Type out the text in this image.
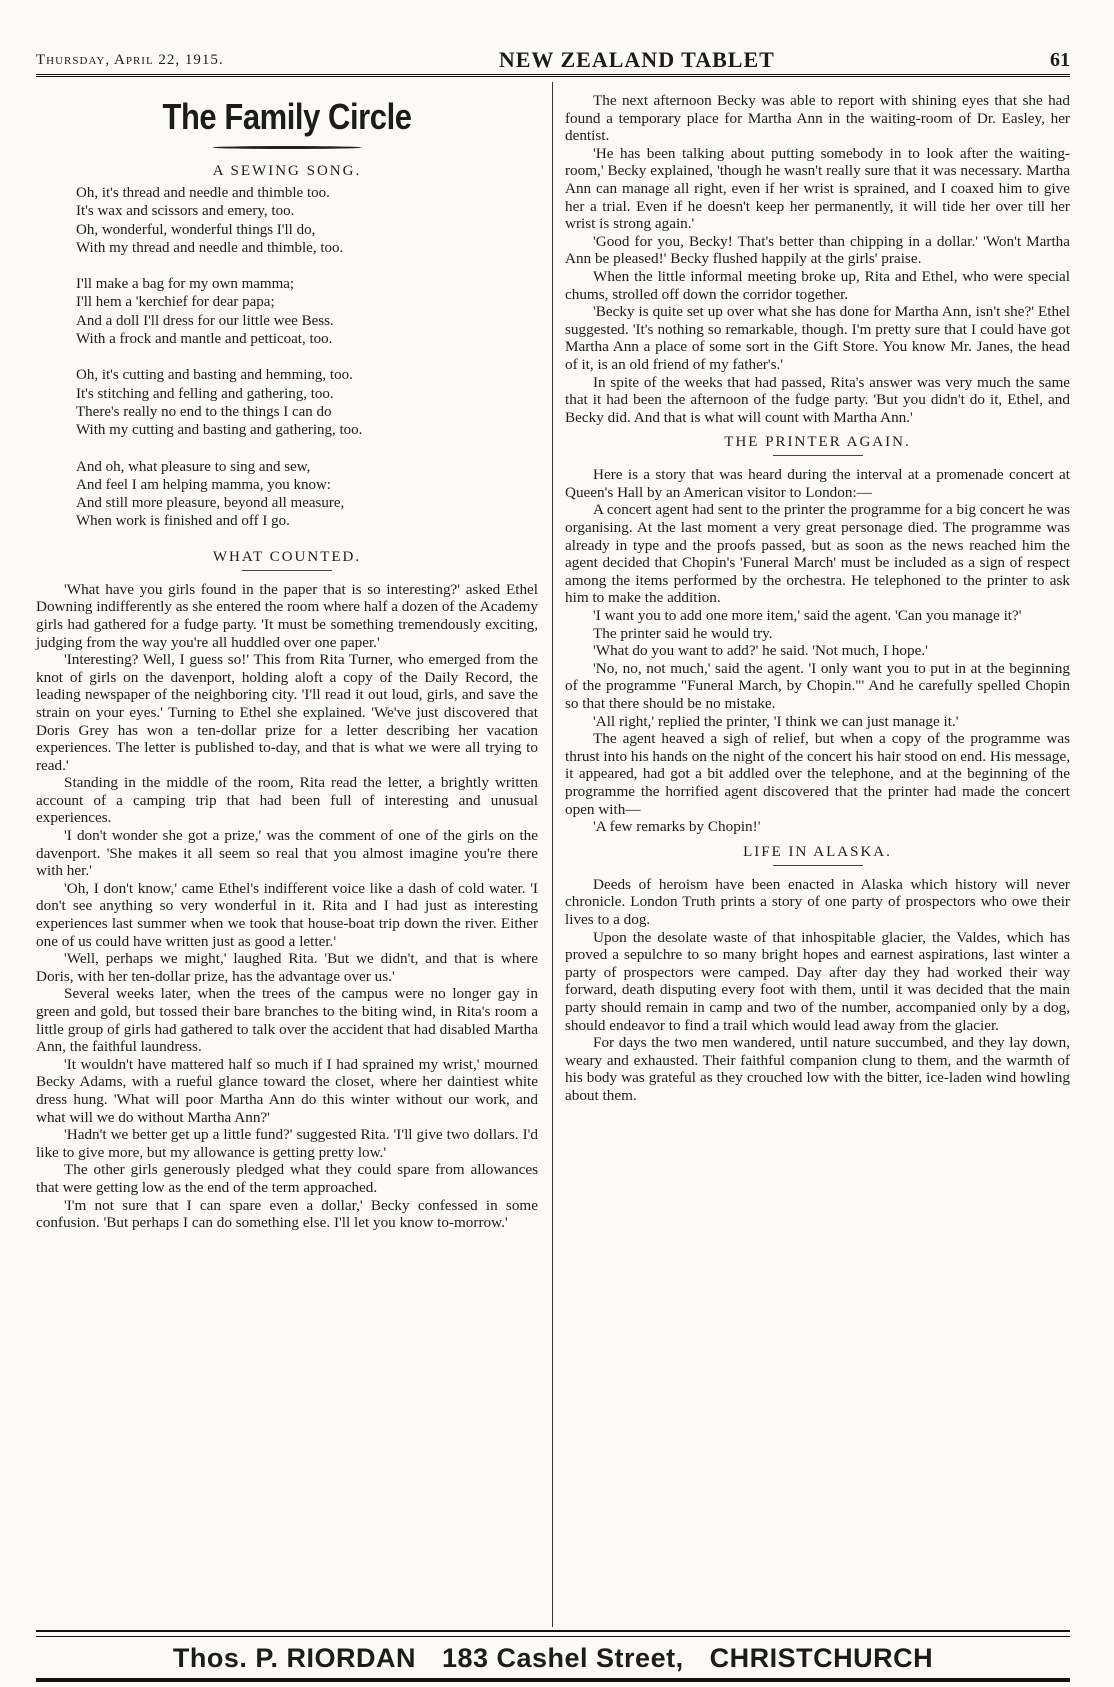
Thursday, April 22, 1915.	NEW ZEALAND TABLET	61
The Family Circle
A SEWING SONG.
Oh, it's thread and needle and thimble too.
It's wax and scissors and emery, too.
Oh, wonderful, wonderful things I'll do,
With my thread and needle and thimble, too.
I'll make a bag for my own mamma;
I'll hem a 'kerchief for dear papa;
And a doll I'll dress for our little wee Bess.
With a frock and mantle and petticoat, too.
Oh, it's cutting and basting and hemming, too.
It's stitching and felling and gathering, too.
There's really no end to the things I can do
With my cutting and basting and gathering, too.
And oh, what pleasure to sing and sew,
And feel I am helping mamma, you know:
And still more pleasure, beyond all measure,
When work is finished and off I go.
WHAT COUNTED.

'What have you girls found in the paper that is so interesting?' asked Ethel Downing indifferently as she entered the room where half a dozen of the Academy girls had gathered for a fudge party. 'It must be something tremendously exciting, judging from the way you're all huddled over one paper.'

'Interesting? Well, I guess so!' This from Rita Turner, who emerged from the knot of girls on the davenport, holding aloft a copy of the Daily Record, the leading newspaper of the neighboring city. 'I'll read it out loud, girls, and save the strain on your eyes.' Turning to Ethel she explained. 'We've just discovered that Doris Grey has won a ten-dollar prize for a letter describing her vacation experiences. The letter is published to-day, and that is what we were all trying to read.'

Standing in the middle of the room, Rita read the letter, a brightly written account of a camping trip that had been full of interesting and unusual experiences.

'I don't wonder she got a prize,' was the comment of one of the girls on the davenport. 'She makes it all seem so real that you almost imagine you're there with her.'

'Oh, I don't know,' came Ethel's indifferent voice like a dash of cold water. 'I don't see anything so very wonderful in it. Rita and I had just as interesting experiences last summer when we took that house-boat trip down the river. Either one of us could have written just as good a letter.'

'Well, perhaps we might,' laughed Rita. 'But we didn't, and that is where Doris, with her ten-dollar prize, has the advantage over us.'

Several weeks later, when the trees of the campus were no longer gay in green and gold, but tossed their bare branches to the biting wind, in Rita's room a little group of girls had gathered to talk over the accident that had disabled Martha Ann, the faithful laundress.

'It wouldn't have mattered half so much if I had sprained my wrist,' mourned Becky Adams, with a rueful glance toward the closet, where her daintiest white dress hung. 'What will poor Martha Ann do this winter without our work, and what will we do without Martha Ann?'

'Hadn't we better get up a little fund?' suggested Rita. 'I'll give two dollars. I'd like to give more, but my allowance is getting pretty low.'

The other girls generously pledged what they could spare from allowances that were getting low as the end of the term approached.

'I'm not sure that I can spare even a dollar,' Becky confessed in some confusion. 'But perhaps I can do something else. I'll let you know to-morrow.'

The next afternoon Becky was able to report with shining eyes that she had found a temporary place for Martha Ann in the waiting-room of Dr. Easley, her dentist.

'He has been talking about putting somebody in to look after the waiting-room,' Becky explained, 'though he wasn't really sure that it was necessary. Martha Ann can manage all right, even if her wrist is sprained, and I coaxed him to give her a trial. Even if he doesn't keep her permanently, it will tide her over till her wrist is strong again.'

'Good for you, Becky! That's better than chipping in a dollar.' 'Won't Martha Ann be pleased!' Becky flushed happily at the girls' praise.

When the little informal meeting broke up, Rita and Ethel, who were special chums, strolled off down the corridor together.

'Becky is quite set up over what she has done for Martha Ann, isn't she?' Ethel suggested. 'It's nothing so remarkable, though. I'm pretty sure that I could have got Martha Ann a place of some sort in the Gift Store. You know Mr. Janes, the head of it, is an old friend of my father's.'

In spite of the weeks that had passed, Rita's answer was very much the same that it had been the afternoon of the fudge party. 'But you didn't do it, Ethel, and Becky did. And that is what will count with Martha Ann.'

THE PRINTER AGAIN.

Here is a story that was heard during the interval at a promenade concert at Queen's Hall by an American visitor to London:—

A concert agent had sent to the printer the programme for a big concert he was organising. At the last moment a very great personage died. The programme was already in type and the proofs passed, but as soon as the news reached him the agent decided that Chopin's 'Funeral March' must be included as a sign of respect among the items performed by the orchestra. He telephoned to the printer to ask him to make the addition.

'I want you to add one more item,' said the agent. 'Can you manage it?'

The printer said he would try.

'What do you want to add?' he said. 'Not much, I hope.'

'No, no, not much,' said the agent. 'I only want you to put in at the beginning of the programme "Funeral March, by Chopin."' And he carefully spelled Chopin so that there should be no mistake.

'All right,' replied the printer, 'I think we can just manage it.'

The agent heaved a sigh of relief, but when a copy of the programme was thrust into his hands on the night of the concert his hair stood on end. His message, it appeared, had got a bit addled over the telephone, and at the beginning of the programme the horrified agent discovered that the printer had made the concert open with—

'A few remarks by Chopin!'

LIFE IN ALASKA.

Deeds of heroism have been enacted in Alaska which history will never chronicle. London Truth prints a story of one party of prospectors who owe their lives to a dog.

Upon the desolate waste of that inhospitable glacier, the Valdes, which has proved a sepulchre to so many bright hopes and earnest aspirations, last winter a party of prospectors were camped. Day after day they had worked their way forward, death disputing every foot with them, until it was decided that the main party should remain in camp and two of the number, accompanied only by a dog, should endeavor to find a trail which would lead away from the glacier.

For days the two men wandered, until nature succumbed, and they lay down, weary and exhausted. Their faithful companion clung to them, and the warmth of his body was grateful as they crouched low with the bitter, ice-laden wind howling about them.

Thos. P. RIORDAN 183 Cashel Street, CHRISTCHURCH
